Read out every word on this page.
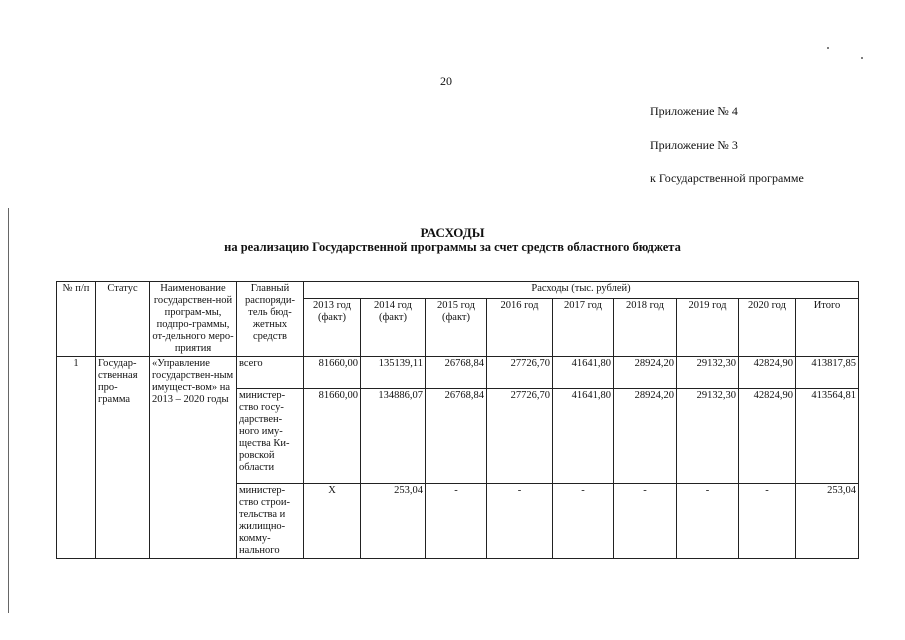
20
Приложение № 4
Приложение № 3
к Государственной программе
РАСХОДЫ
на реализацию Государственной программы за счет средств областного бюджета
№ п/п	Статус	Наименование государствен-ной програм-мы, подпро-граммы, от-дельного меро-приятия	Главный распоряди-тель бюд-жетных средств	Расходы (тыс. рублей)								
				2013 год (факт)	2014 год (факт)	2015 год (факт)	2016 год	2017 год	2018 год	2019 год	2020 год	Итого
1	Государ-ственная про-грамма	«Управление государствен-ным имущест-вом» на 2013 – 2020 годы	всего	81660,00	135139,11	26768,84	27726,70	41641,80	28924,20	29132,30	42824,90	413817,85
			министер-ство госу-дарствен-ного иму-щества Ки-ровской области	81660,00	134886,07	26768,84	27726,70	41641,80	28924,20	29132,30	42824,90	413564,81
			министер-ство строи-тельства и жилищно-комму-нального	Х	253,04	-	-	-	-	-	-	253,04
